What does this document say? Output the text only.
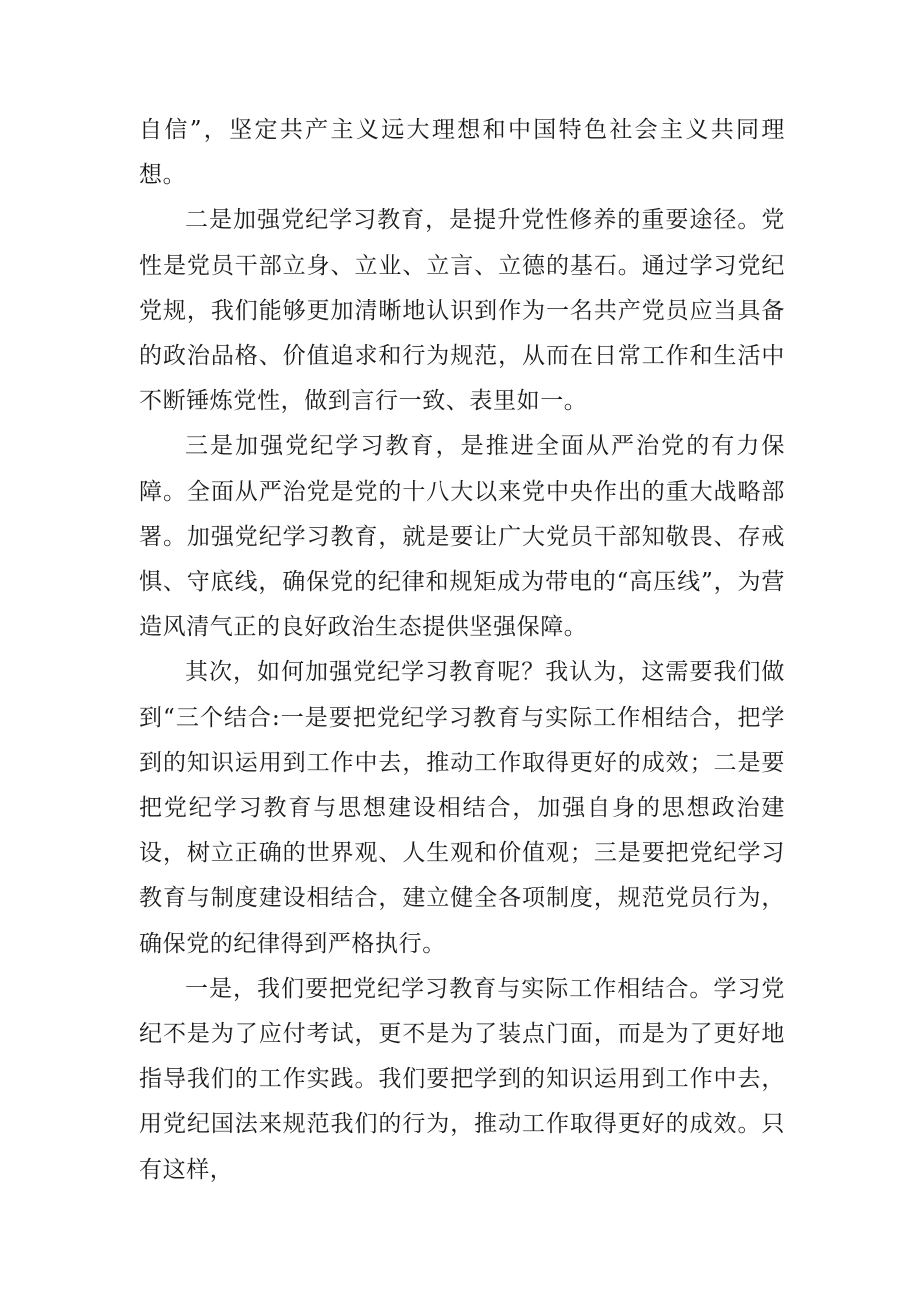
自信”，坚定共产主义远大理想和中国特色社会主义共同理想。

二是加强党纪学习教育，是提升党性修养的重要途径。党性是党员干部立身、立业、立言、立德的基石。通过学习党纪党规，我们能够更加清晰地认识到作为一名共产党员应当具备的政治品格、价值追求和行为规范，从而在日常工作和生活中不断锤炼党性，做到言行一致、表里如一。

三是加强党纪学习教育，是推进全面从严治党的有力保障。全面从严治党是党的十八大以来党中央作出的重大战略部署。加强党纪学习教育，就是要让广大党员干部知敬畏、存戒惧、守底线，确保党的纪律和规矩成为带电的“高压线”，为营造风清气正的良好政治生态提供坚强保障。

其次，如何加强党纪学习教育呢？我认为，这需要我们做到“三个结合:一是要把党纪学习教育与实际工作相结合，把学到的知识运用到工作中去，推动工作取得更好的成效；二是要把党纪学习教育与思想建设相结合，加强自身的思想政治建设，树立正确的世界观、人生观和价值观；三是要把党纪学习教育与制度建设相结合，建立健全各项制度，规范党员行为，确保党的纪律得到严格执行。

一是，我们要把党纪学习教育与实际工作相结合。学习党纪不是为了应付考试，更不是为了装点门面，而是为了更好地指导我们的工作实践。我们要把学到的知识运用到工作中去，用党纪国法来规范我们的行为，推动工作取得更好的成效。只有这样，
